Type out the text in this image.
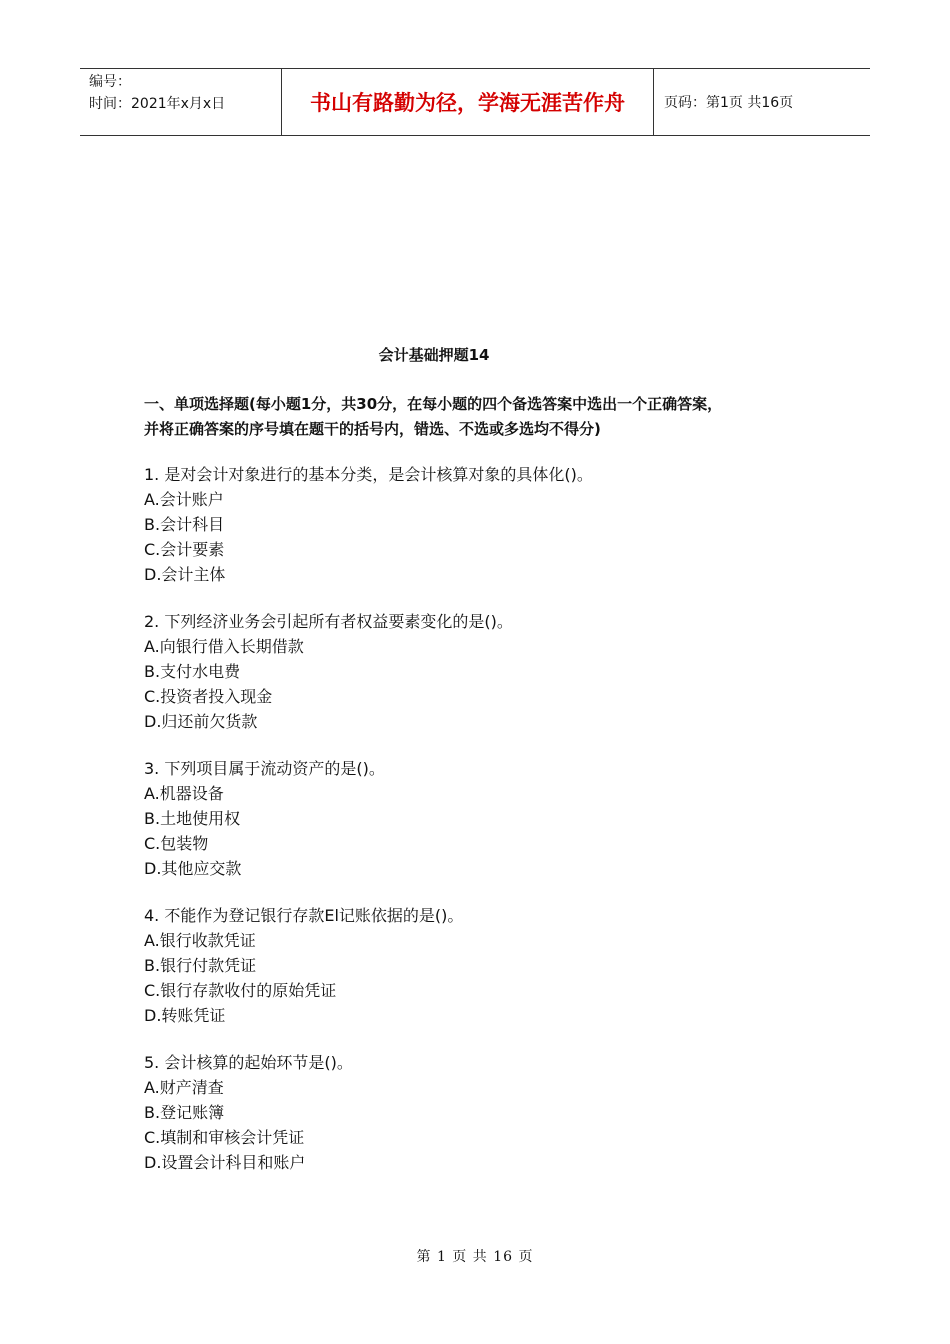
编号：
时间：2021年x月x日	书山有路勤为径，学海无涯苦作舟	页码：第1页 共16页
会计基础押题14
一、单项选择题(每小题1分，共30分，在每小题的四个备选答案中选出一个正确答案，
并将正确答案的序号填在题干的括号内，错选、不选或多选均不得分)

1. 是对会计对象进行的基本分类，是会计核算对象的具体化()。

A.会计账户

B.会计科目

C.会计要素

D.会计主体

2. 下列经济业务会引起所有者权益要素变化的是()。

A.向银行借入长期借款

B.支付水电费

C.投资者投入现金

D.归还前欠货款

3. 下列项目属于流动资产的是()。

A.机器设备

B.土地使用权

C.包装物

D.其他应交款

4. 不能作为登记银行存款El记账依据的是()。

A.银行收款凭证

B.银行付款凭证

C.银行存款收付的原始凭证

D.转账凭证

5. 会计核算的起始环节是()。

A.财产清查

B.登记账簿

C.填制和审核会计凭证

D.设置会计科目和账户

第 1 页 共 16 页
